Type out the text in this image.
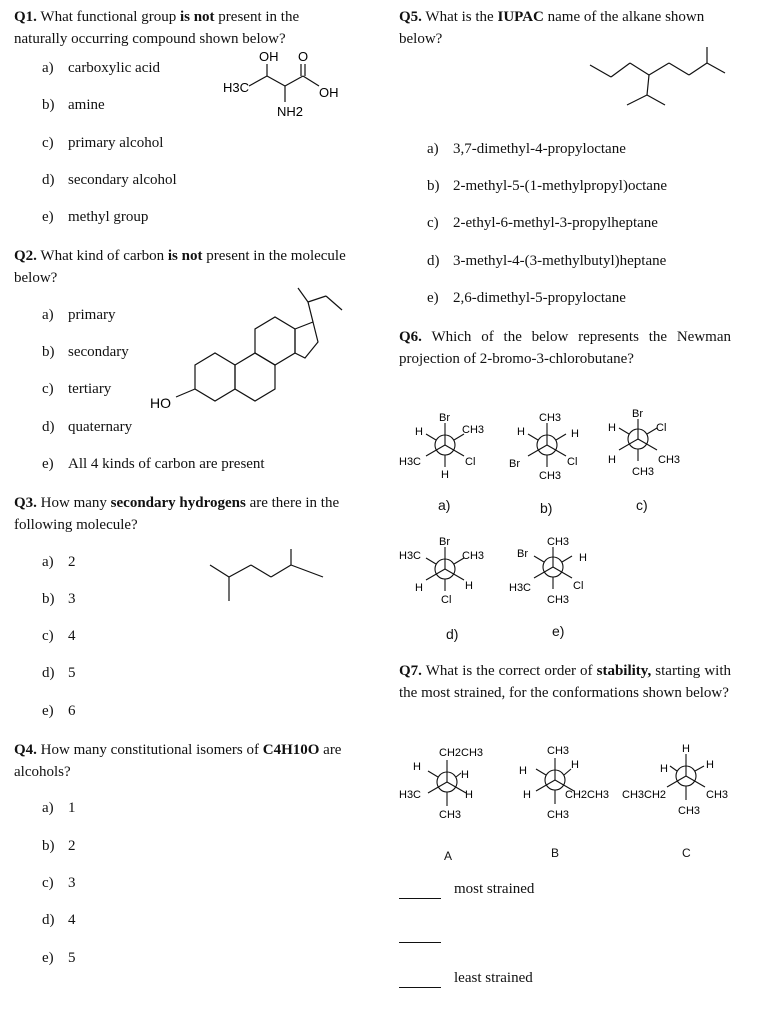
Q1. What functional group is not present in the naturally occurring compound shown below?
a) carboxylic acid
b) amine
c) primary alcohol
d) secondary alcohol
e) methyl group
OH O
H3C	OH
NH2
Q2. What kind of carbon is not present in the molecule below?
a) primary
b) secondary
c) tertiary
d) quaternary
e) All 4 kinds of carbon are present
HO
Q3. How many secondary hydrogens are there in the following molecule?
a) 2
b) 3
c) 4
d) 5
e) 6
Q4. How many constitutional isomers of C4H10O are alcohols?
a) 1
b) 2
c) 3
d) 4
e) 5
Q5. What is the IUPAC name of the alkane shown below?
a) 3,7-dimethyl-4-propyloctane
b) 2-methyl-5-(1-methylpropyl)octane
c) 2-ethyl-6-methyl-3-propylheptane
d) 3-methyl-4-(3-methylbutyl)heptane
e) 2,6-dimethyl-5-propyloctane
Q6. Which of the below represents the Newman projection of 2-bromo-3-chlorobutane?
Br
H	CH3
H3C	Cl
H
CH3
H	H
Br	Cl
CH3
Br
H	Cl
H	CH3
CH3
a)	b)	c)
Br
H3C	CH3
H	H
Cl
CH3
Br	H
H3C	Cl
CH3
d)	e)
Q7. What is the correct order of stability, starting with the most strained, for the conformations shown below?
CH2CH3
H
H
H3C	H
CH3
CH3
H	H
H	CH2CH3
CH3
H
H	H
CH3CH2	CH3
CH3
A	B	C
most strained
least strained
